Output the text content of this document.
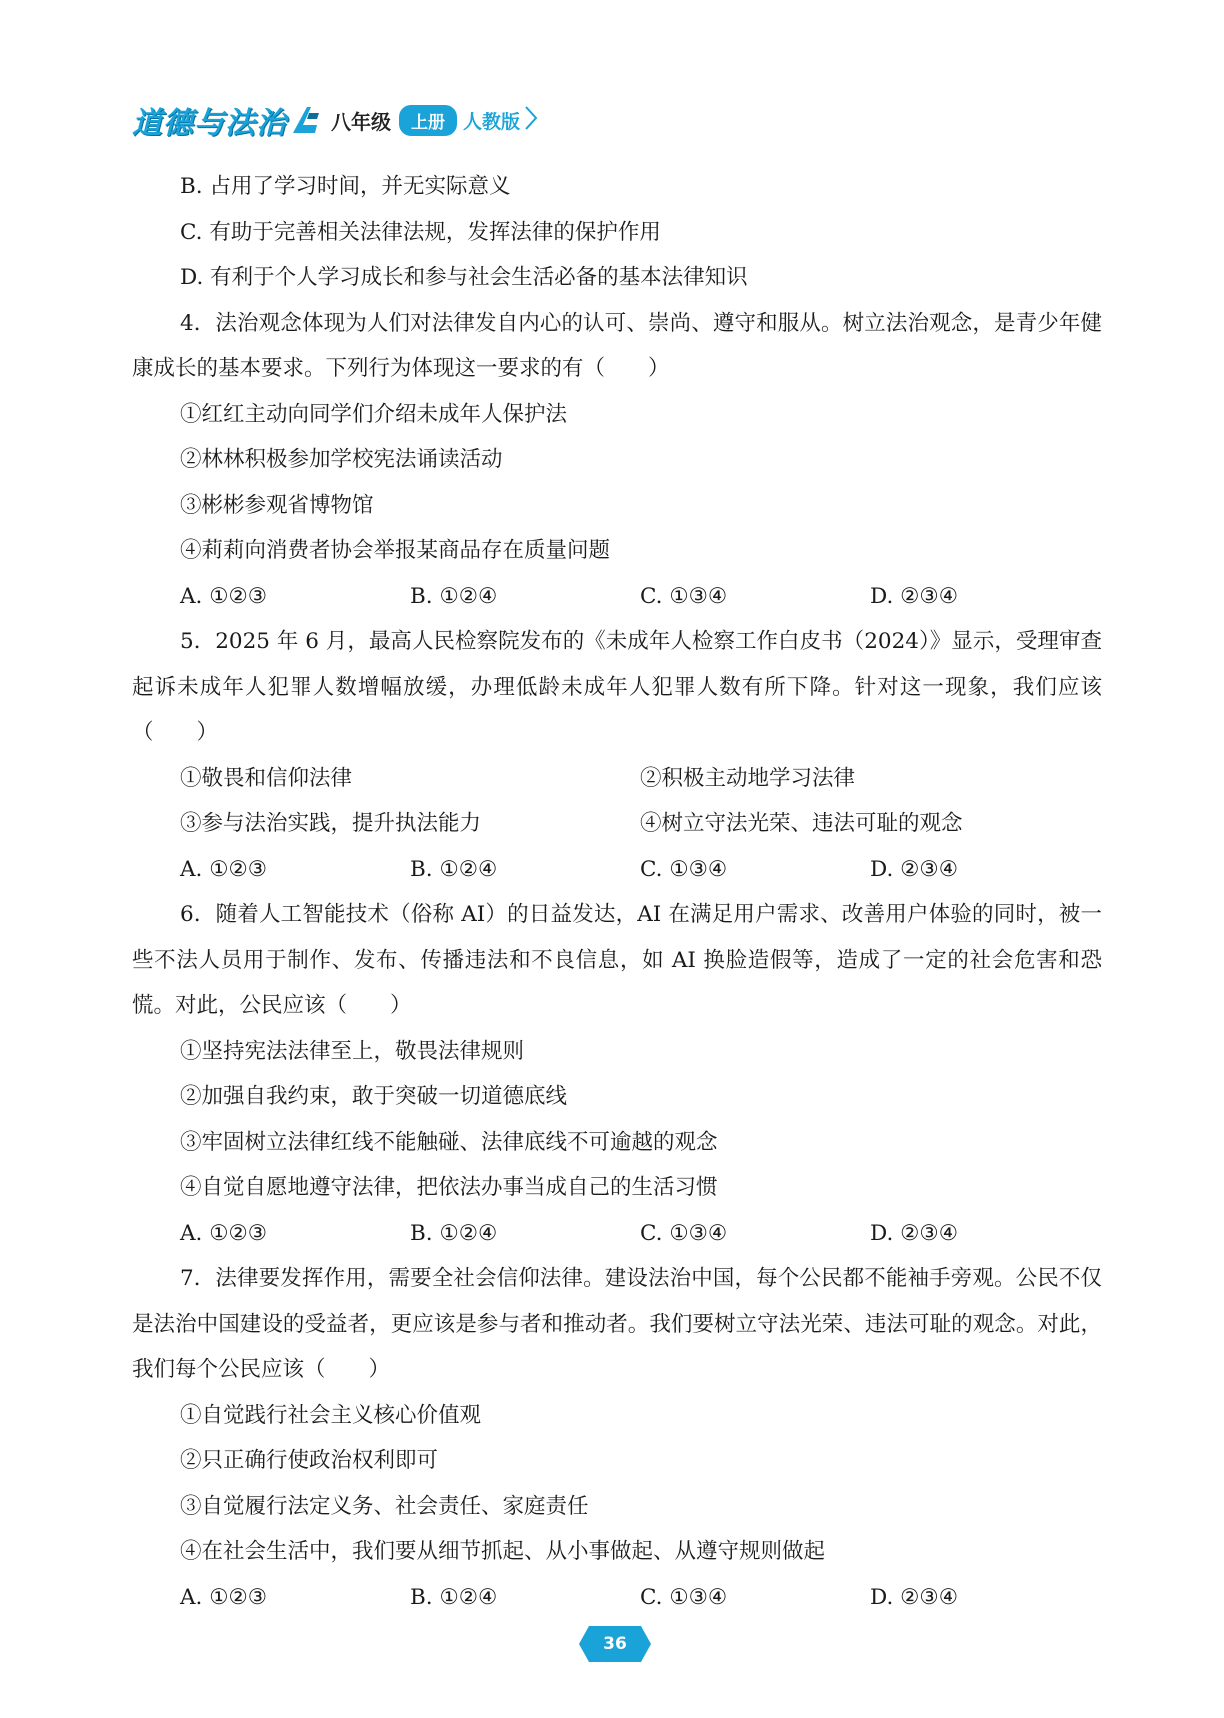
道德与法治 八年级	上册 人教版
B. 占用了学习时间，并无实际意义
C. 有助于完善相关法律法规，发挥法律的保护作用
D. 有利于个人学习成长和参与社会生活必备的基本法律知识
4．法治观念体现为人们对法律发自内心的认可、崇尚、遵守和服从。树立法治观念，是青少年健康成长的基本要求。下列行为体现这一要求的有（　　）
①红红主动向同学们介绍未成年人保护法
②林林积极参加学校宪法诵读活动
③彬彬参观省博物馆
④莉莉向消费者协会举报某商品存在质量问题
A. ①②③	B. ①②④	C. ①③④	D. ②③④
5．2025 年 6 月，最高人民检察院发布的《未成年人检察工作白皮书（2024）》显示，受理审查起诉未成年人犯罪人数增幅放缓，办理低龄未成年人犯罪人数有所下降。针对这一现象，我们应该（　　）
①敬畏和信仰法律	②积极主动地学习法律
③参与法治实践，提升执法能力	④树立守法光荣、违法可耻的观念
A. ①②③	B. ①②④	C. ①③④	D. ②③④
6．随着人工智能技术（俗称 AI）的日益发达，AI 在满足用户需求、改善用户体验的同时，被一些不法人员用于制作、发布、传播违法和不良信息，如 AI 换脸造假等，造成了一定的社会危害和恐慌。对此，公民应该（　　）
①坚持宪法法律至上，敬畏法律规则
②加强自我约束，敢于突破一切道德底线
③牢固树立法律红线不能触碰、法律底线不可逾越的观念
④自觉自愿地遵守法律，把依法办事当成自己的生活习惯
A. ①②③	B. ①②④	C. ①③④	D. ②③④
7．法律要发挥作用，需要全社会信仰法律。建设法治中国，每个公民都不能袖手旁观。公民不仅是法治中国建设的受益者，更应该是参与者和推动者。我们要树立守法光荣、违法可耻的观念。对此，我们每个公民应该（　　）
①自觉践行社会主义核心价值观
②只正确行使政治权利即可
③自觉履行法定义务、社会责任、家庭责任
④在社会生活中，我们要从细节抓起、从小事做起、从遵守规则做起
A. ①②③	B. ①②④	C. ①③④	D. ②③④
36
